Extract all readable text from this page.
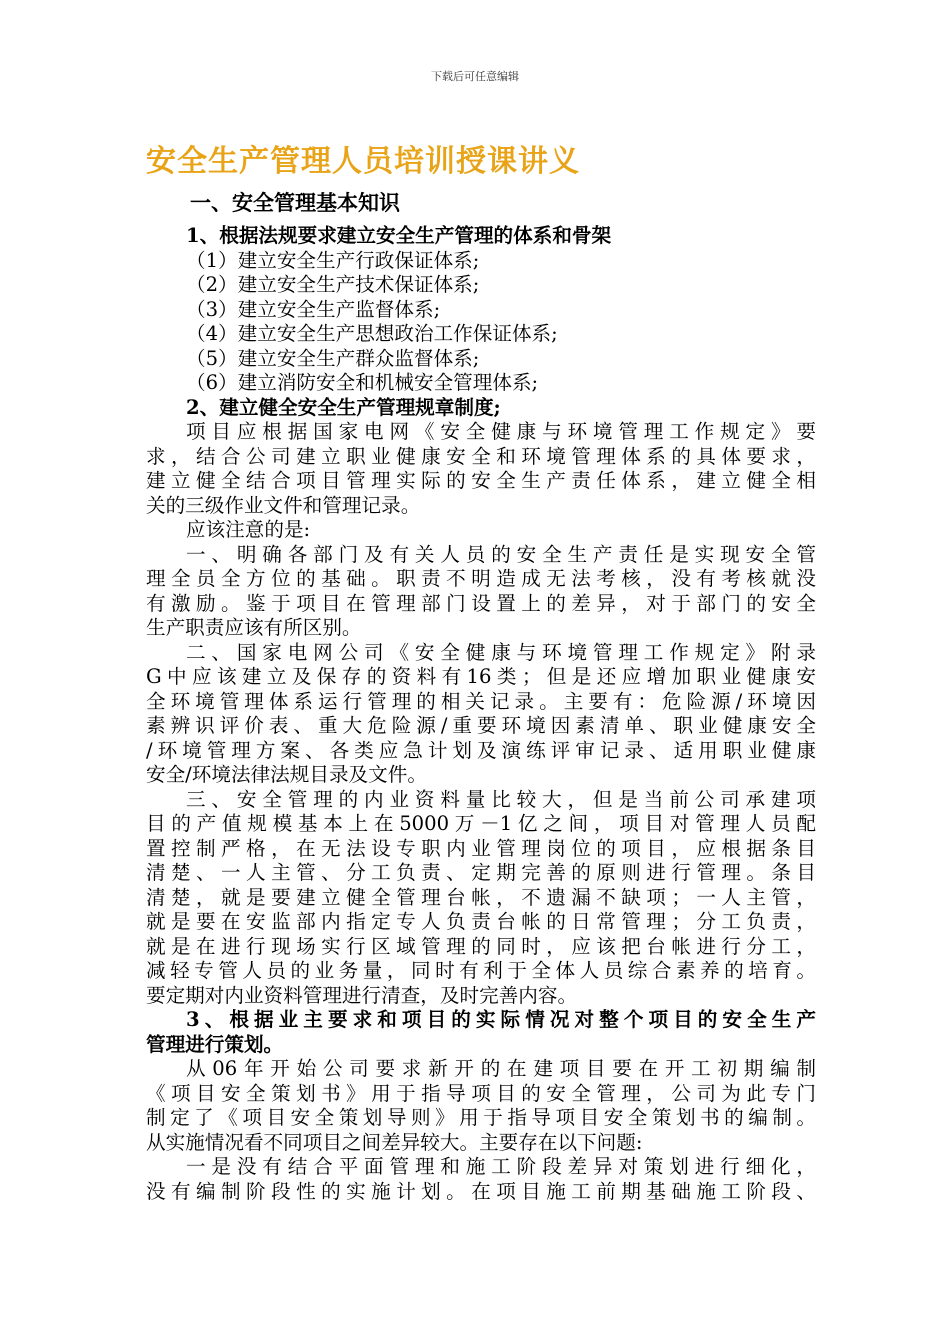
下载后可任意编辑
安全生产管理人员培训授课讲义
一、安全管理基本知识
1、根据法规要求建立安全生产管理的体系和骨架
（1）建立安全生产行政保证体系;
（2）建立安全生产技术保证体系;
（3）建立安全生产监督体系;
（4）建立安全生产思想政治工作保证体系;
（5）建立安全生产群众监督体系;
（6）建立消防安全和机械安全管理体系;
2、建立健全安全生产管理规章制度;
项目应根据国家电网《安全健康与环境管理工作规定》要
求，结合公司建立职业健康安全和环境管理体系的具体要求，
建立健全结合项目管理实际的安全生产责任体系，建立健全相
关的三级作业文件和管理记录。
应该注意的是:
一、明确各部门及有关人员的安全生产责任是实现安全管
理全员全方位的基础。职责不明造成无法考核，没有考核就没
有激励。鉴于项目在管理部门设置上的差异，对于部门的安全
生产职责应该有所区别。
二、国家电网公司《安全健康与环境管理工作规定》附录
G中应该建立及保存的资料有16类；但是还应增加职业健康安
全环境管理体系运行管理的相关记录。主要有：危险源/环境因
素辨识评价表、重大危险源/重要环境因素清单、职业健康安全
/环境管理方案、各类应急计划及演练评审记录、适用职业健康
安全/环境法律法规目录及文件。
三、安全管理的内业资料量比较大，但是当前公司承建项
目的产值规模基本上在5000万－1亿之间，项目对管理人员配
置控制严格，在无法设专职内业管理岗位的项目，应根据条目
清楚、一人主管、分工负责、定期完善的原则进行管理。条目
清楚，就是要建立健全管理台帐，不遗漏不缺项；一人主管，
就是要在安监部内指定专人负责台帐的日常管理；分工负责，
就是在进行现场实行区域管理的同时，应该把台帐进行分工，
减轻专管人员的业务量，同时有利于全体人员综合素养的培育。
要定期对内业资料管理进行清查，及时完善内容。
3、根据业主要求和项目的实际情况对整个项目的安全生产
管理进行策划。
从06年开始公司要求新开的在建项目要在开工初期编制
《项目安全策划书》用于指导项目的安全管理，公司为此专门
制定了《项目安全策划导则》用于指导项目安全策划书的编制。
从实施情况看不同项目之间差异较大。主要存在以下问题:
一是没有结合平面管理和施工阶段差异对策划进行细化，
没有编制阶段性的实施计划。在项目施工前期基础施工阶段、
